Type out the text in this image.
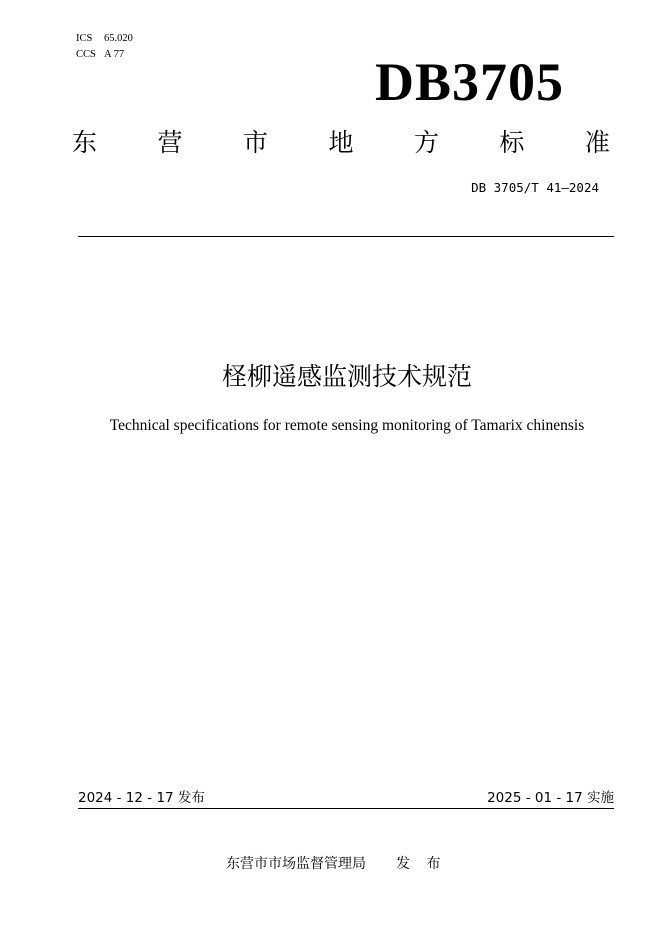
ICS 65.020
CCS A 77	DB3705
东 营 市 地 方 标 准
DB 3705/T 41—2024
柽柳遥感监测技术规范
Technical specifications for remote sensing monitoring of Tamarix chinensis
2024 - 12 - 17 发布	2025 - 01 - 17 实施
东营市市场监督管理局 发 布
